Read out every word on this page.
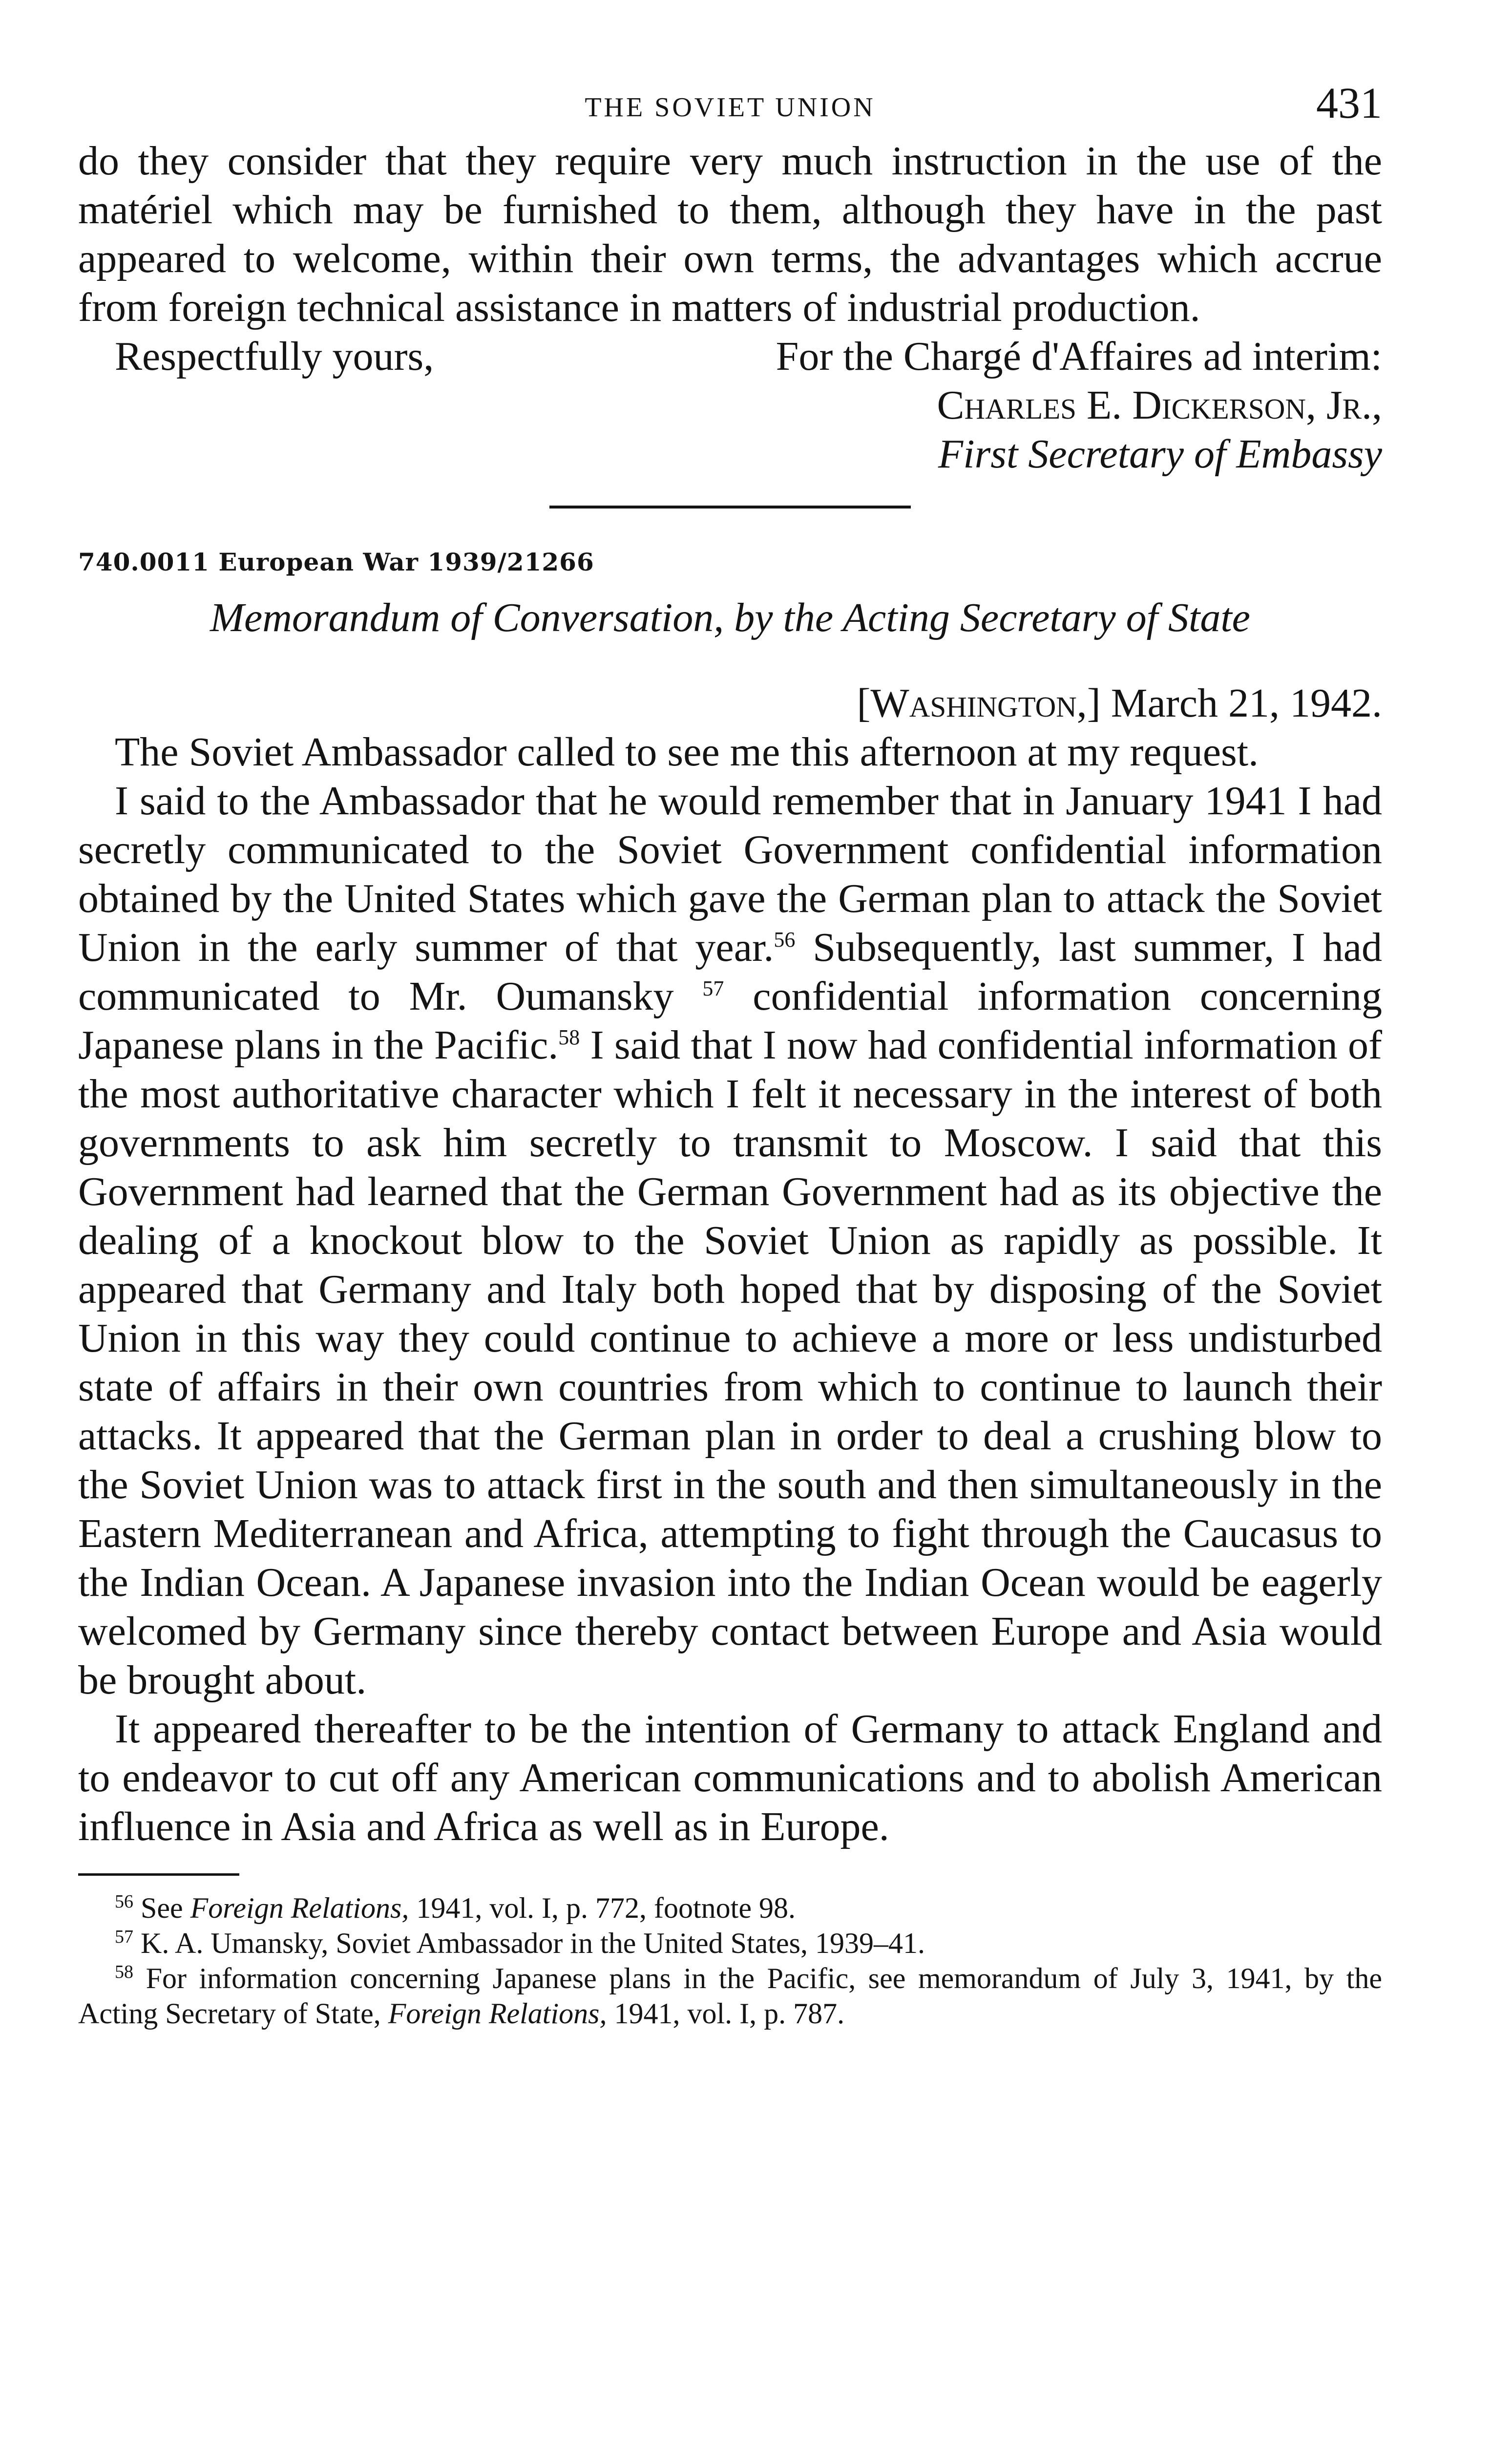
THE SOVIET UNION	431

do they consider that they require very much instruction in the use of the matériel which may be furnished to them, although they have in the past appeared to welcome, within their own terms, the advantages which accrue from foreign technical assistance in matters of industrial production.

Respectfully yours,	For the Chargé d'Affaires ad interim:
Charles E. Dickerson, Jr.,
First Secretary of Embassy
740.0011 European War 1939/21266
Memorandum of Conversation, by the Acting Secretary of State
[Washington,] March 21, 1942.

The Soviet Ambassador called to see me this afternoon at my request.

I said to the Ambassador that he would remember that in January 1941 I had secretly communicated to the Soviet Government confidential information obtained by the United States which gave the German plan to attack the Soviet Union in the early summer of that year.$^{56}$ Subsequently, last summer, I had communicated to Mr. Oumansky $^{57}$ confidential information concerning Japanese plans in the Pacific.$^{58}$ I said that I now had confidential information of the most authoritative character which I felt it necessary in the interest of both governments to ask him secretly to transmit to Moscow. I said that this Government had learned that the German Government had as its objective the dealing of a knockout blow to the Soviet Union as rapidly as possible. It appeared that Germany and Italy both hoped that by disposing of the Soviet Union in this way they could continue to achieve a more or less undisturbed state of affairs in their own countries from which to continue to launch their attacks. It appeared that the German plan in order to deal a crushing blow to the Soviet Union was to attack first in the south and then simultaneously in the Eastern Mediterranean and Africa, attempting to fight through the Caucasus to the Indian Ocean. A Japanese invasion into the Indian Ocean would be eagerly welcomed by Germany since thereby contact between Europe and Asia would be brought about.

It appeared thereafter to be the intention of Germany to attack England and to endeavor to cut off any American communications and to abolish American influence in Asia and Africa as well as in Europe.

$^{56}$ See Foreign Relations, 1941, vol. I, p. 772, footnote 98.

$^{57}$ K. A. Umansky, Soviet Ambassador in the United States, 1939–41.

$^{58}$ For information concerning Japanese plans in the Pacific, see memorandum of July 3, 1941, by the Acting Secretary of State, Foreign Relations, 1941, vol. I, p. 787.
